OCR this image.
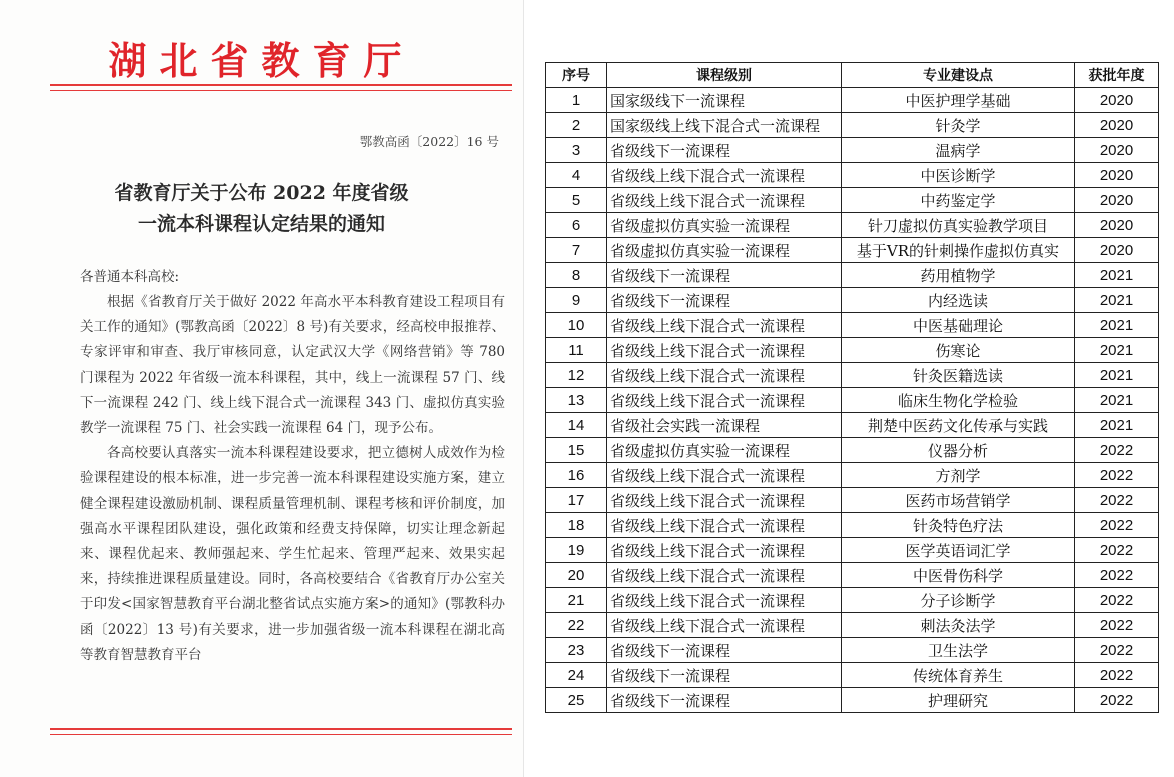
湖北省教育厅
鄂教高函〔2022〕16 号
省教育厅关于公布 2022 年度省级
一流本科课程认定结果的通知
各普通本科高校:

根据《省教育厅关于做好 2022 年高水平本科教育建设工程项目有关工作的通知》(鄂教高函〔2022〕8 号)有关要求，经高校申报推荐、专家评审和审查、我厅审核同意，认定武汉大学《网络营销》等 780 门课程为 2022 年省级一流本科课程，其中，线上一流课程 57 门、线下一流课程 242 门、线上线下混合式一流课程 343 门、虚拟仿真实验教学一流课程 75 门、社会实践一流课程 64 门，现予公布。

各高校要认真落实一流本科课程建设要求，把立德树人成效作为检验课程建设的根本标准，进一步完善一流本科课程建设实施方案，建立健全课程建设激励机制、课程质量管理机制、课程考核和评价制度，加强高水平课程团队建设，强化政策和经费支持保障，切实让理念新起来、课程优起来、教师强起来、学生忙起来、管理严起来、效果实起来，持续推进课程质量建设。同时，各高校要结合《省教育厅办公室关于印发<国家智慧教育平台湖北整省试点实施方案>的通知》(鄂教科办函〔2022〕13 号)有关要求，进一步加强省级一流本科课程在湖北高等教育智慧教育平台

序号	课程级别	专业建设点	获批年度
1	国家级线下一流课程	中医护理学基础	2020
2	国家级线上线下混合式一流课程	针灸学	2020
3	省级线下一流课程	温病学	2020
4	省级线上线下混合式一流课程	中医诊断学	2020
5	省级线上线下混合式一流课程	中药鉴定学	2020
6	省级虚拟仿真实验一流课程	针刀虚拟仿真实验教学项目	2020
7	省级虚拟仿真实验一流课程	基于VR的针刺操作虚拟仿真实	2020
8	省级线下一流课程	药用植物学	2021
9	省级线下一流课程	内经选读	2021
10	省级线上线下混合式一流课程	中医基础理论	2021
11	省级线上线下混合式一流课程	伤寒论	2021
12	省级线上线下混合式一流课程	针灸医籍选读	2021
13	省级线上线下混合式一流课程	临床生物化学检验	2021
14	省级社会实践一流课程	荆楚中医药文化传承与实践	2021
15	省级虚拟仿真实验一流课程	仪器分析	2022
16	省级线上线下混合式一流课程	方剂学	2022
17	省级线上线下混合式一流课程	医药市场营销学	2022
18	省级线上线下混合式一流课程	针灸特色疗法	2022
19	省级线上线下混合式一流课程	医学英语词汇学	2022
20	省级线上线下混合式一流课程	中医骨伤科学	2022
21	省级线上线下混合式一流课程	分子诊断学	2022
22	省级线上线下混合式一流课程	刺法灸法学	2022
23	省级线下一流课程	卫生法学	2022
24	省级线下一流课程	传统体育养生	2022
25	省级线下一流课程	护理研究	2022
